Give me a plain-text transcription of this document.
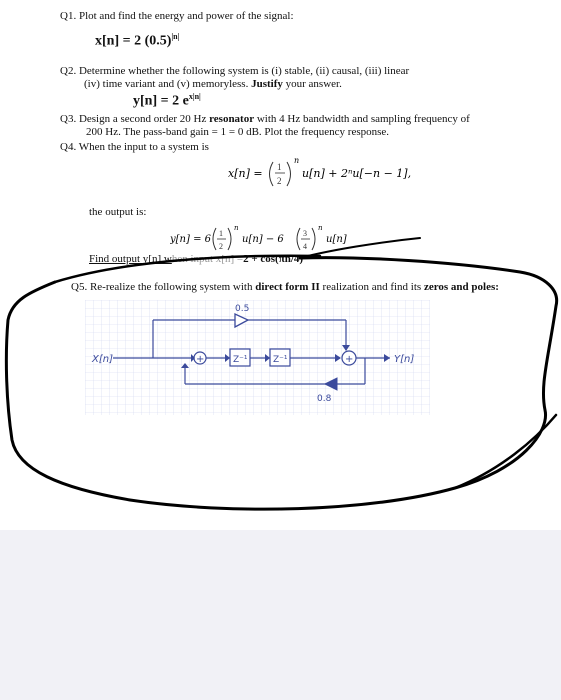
Q1. Plot and find the energy and power of the signal:
x[n] = 2 $(0.5)^{|n|}$
Q2. Determine whether the following system is (i) stable, (ii) causal, (iii) linear
(iv) time variant and (v) memoryless. Justify your answer.
y[n] = 2 $e^{x|n|}$
Q3. Design a second order 20 Hz resonator with 4 Hz bandwidth and sampling frequency of
200 Hz. The pass-band gain = 1 = 0 dB. Plot the frequency response.
Q4. When the input to a system is
x[n] = 1
2
n
u[n] + 2ⁿu[−n − 1],
the output is:
y[n] = 6
1
2
n
u[n] − 6
3
4
n
u[n]
Find output y[n] when input x[n] =2 + cos(πn/4)
Q5. Re-realize the following system with direct form II realization and find its zeros and poles:
+	+
Z⁻¹	Z⁻¹
0.5
0.8
X[n]	Y[n]
